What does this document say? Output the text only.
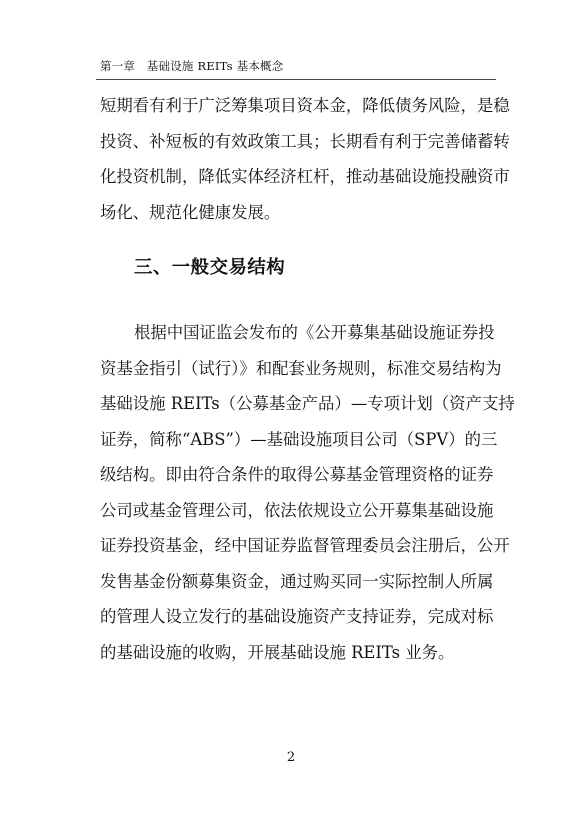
第一章　基础设施 REITs 基本概念
短期看有利于广泛筹集项目资本金，降低债务风险，是稳
投资、补短板的有效政策工具；长期看有利于完善储蓄转
化投资机制，降低实体经济杠杆，推动基础设施投融资市
场化、规范化健康发展。
三、一般交易结构
根据中国证监会发布的《公开募集基础设施证券投
资基金指引（试行）》和配套业务规则，标准交易结构为
基础设施 REITs（公募基金产品）—专项计划（资产支持
证券，简称“ABS”）—基础设施项目公司（SPV）的三
级结构。即由符合条件的取得公募基金管理资格的证券
公司或基金管理公司，依法依规设立公开募集基础设施
证券投资基金，经中国证券监督管理委员会注册后，公开
发售基金份额募集资金，通过购买同一实际控制人所属
的管理人设立发行的基础设施资产支持证券，完成对标
的基础设施的收购，开展基础设施 REITs 业务。
2
